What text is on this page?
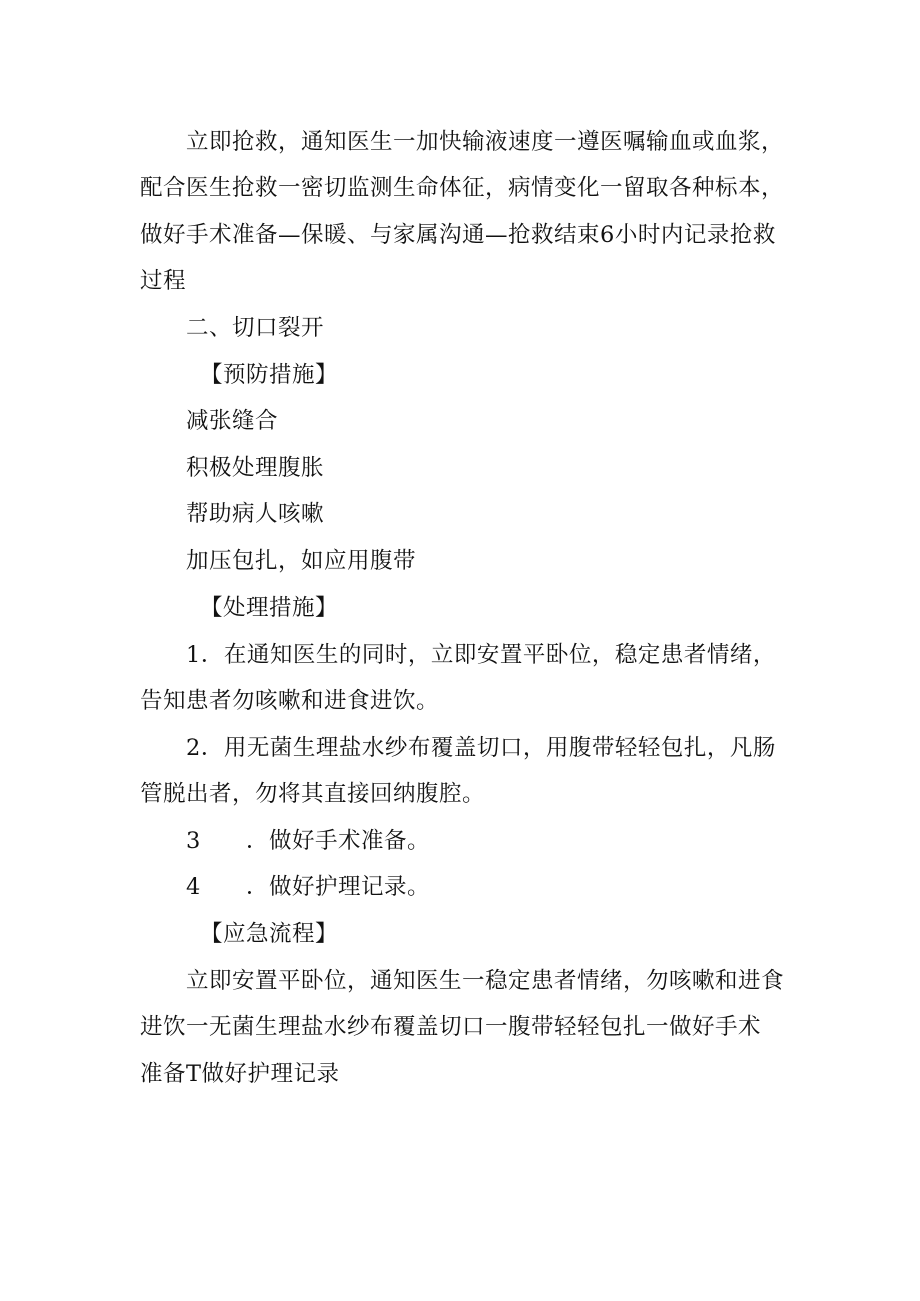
立即抢救，通知医生一加快输液速度一遵医嘱输血或血浆，
配合医生抢救一密切监测生命体征，病情变化一留取各种标本，
做好手术准备—保暖、与家属沟通—抢救结束6小时内记录抢救
过程
二、切口裂开
【预防措施】
减张缝合
积极处理腹胀
帮助病人咳嗽
加压包扎，如应用腹带
【处理措施】
1．在通知医生的同时，立即安置平卧位，稳定患者情绪，
告知患者勿咳嗽和进食进饮。
2．用无菌生理盐水纱布覆盖切口，用腹带轻轻包扎，凡肠
管脱出者，勿将其直接回纳腹腔。
3 ．做好手术准备。
4 ．做好护理记录。
【应急流程】
立即安置平卧位，通知医生一稳定患者情绪，勿咳嗽和进食
进饮一无菌生理盐水纱布覆盖切口一腹带轻轻包扎一做好手术
准备T做好护理记录
